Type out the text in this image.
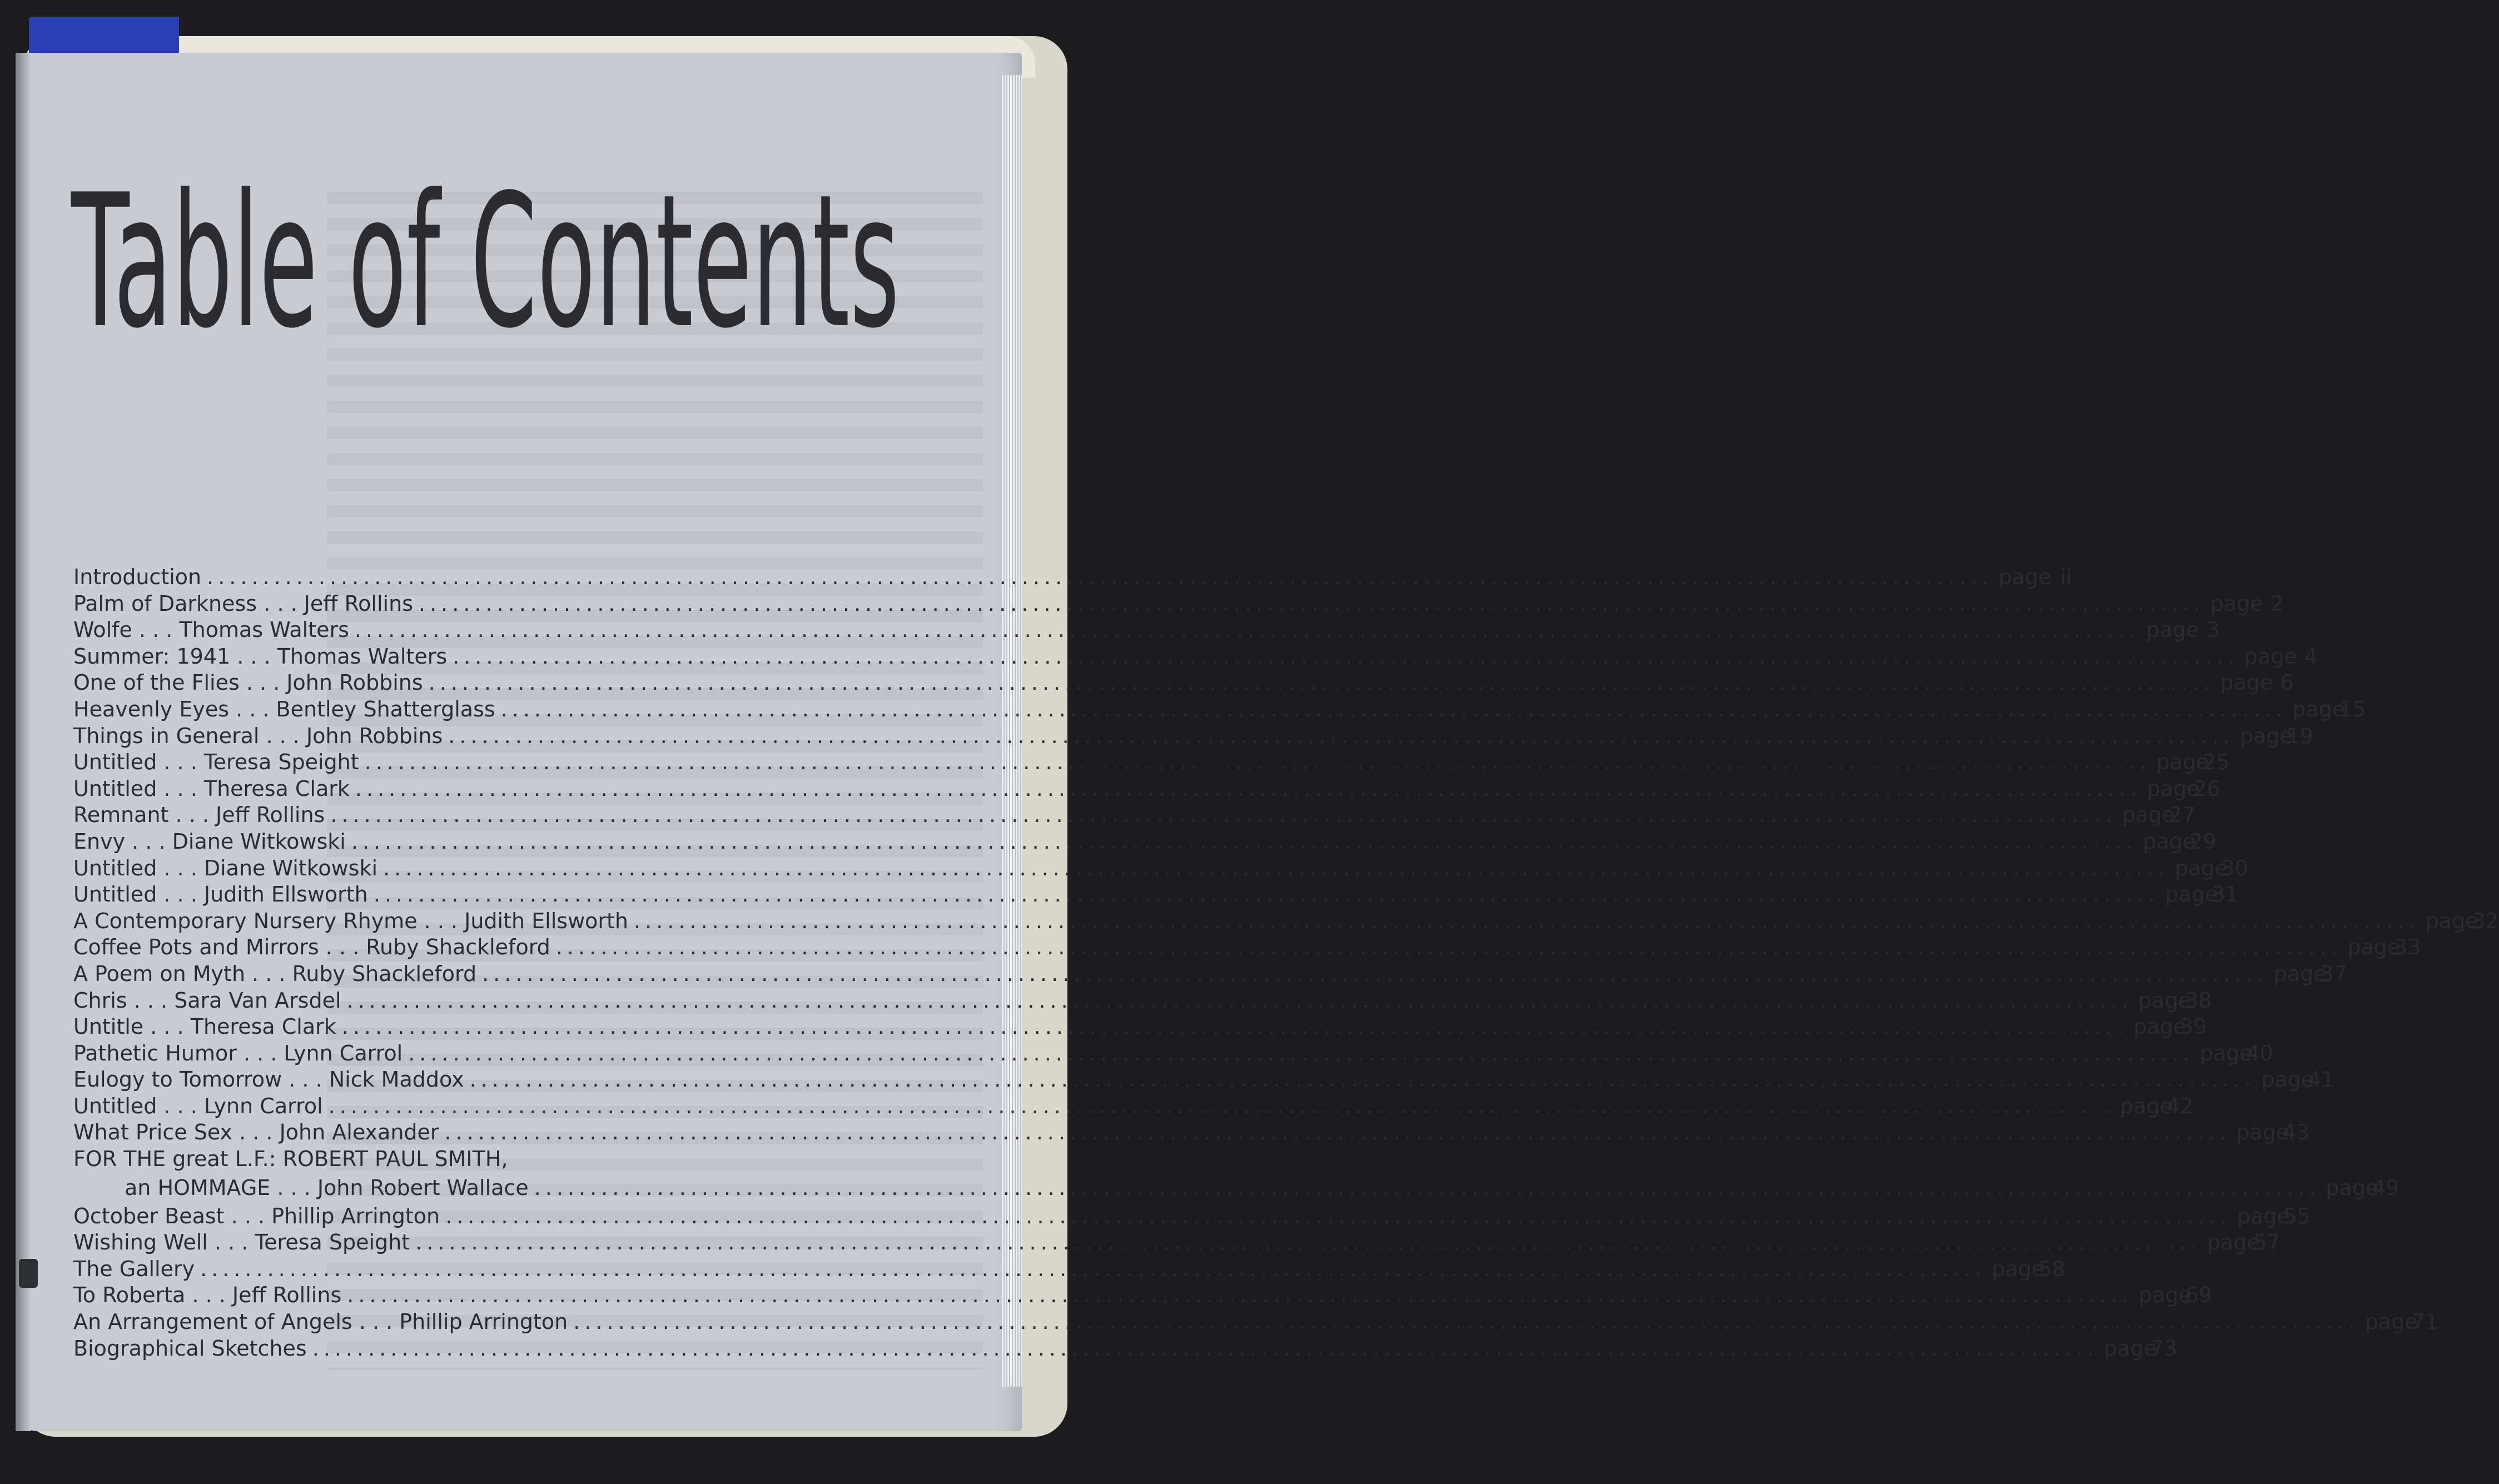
Table of Contents
Introduction ................................................................................................................................................................ page ii
Palm of Darkness . . . Jeff Rollins ................................................................................................................................................................ page 2
Wolfe . . . Thomas Walters ................................................................................................................................................................ page 3
Summer: 1941 . . . Thomas Walters ................................................................................................................................................................ page 4
One of the Flies . . . John Robbins ................................................................................................................................................................ page 6
Heavenly Eyes . . . Bentley Shatterglass ................................................................................................................................................................ page
15
Things in General . . . John Robbins ................................................................................................................................................................ page
19
Untitled . . . Teresa Speight ................................................................................................................................................................ page
25
Untitled . . . Theresa Clark ................................................................................................................................................................ page
26
Remnant . . . Jeff Rollins ................................................................................................................................................................ page
27
Envy . . . Diane Witkowski ................................................................................................................................................................ page
29
Untitled . . . Diane Witkowski ................................................................................................................................................................ page
30
Untitled . . . Judith Ellsworth ................................................................................................................................................................ page
31
A Contemporary Nursery Rhyme . . . Judith Ellsworth ................................................................................................................................................................ page
32
Coffee Pots and Mirrors . . . Ruby Shackleford ................................................................................................................................................................ page
33
A Poem on Myth . . . Ruby Shackleford ................................................................................................................................................................ page
37
Chris . . . Sara Van Arsdel ................................................................................................................................................................ page
38
Untitle . . . Theresa Clark ................................................................................................................................................................ page
39
Pathetic Humor . . . Lynn Carrol ................................................................................................................................................................ page
40
Eulogy to Tomorrow . . . Nick Maddox ................................................................................................................................................................ page
41
Untitled . . . Lynn Carrol ................................................................................................................................................................ page
42
What Price Sex . . . John Alexander ................................................................................................................................................................ page
43
FOR THE great L.F.: ROBERT PAUL SMITH,
an HOMMAGE . . . John Robert Wallace ................................................................................................................................................................ page
49
October Beast . . . Phillip Arrington ................................................................................................................................................................ page
55
Wishing Well . . . Teresa Speight ................................................................................................................................................................ page
57
The Gallery ................................................................................................................................................................ page
58
To Roberta . . . Jeff Rollins ................................................................................................................................................................ page
69
An Arrangement of Angels . . . Phillip Arrington ................................................................................................................................................................ page
71
Biographical Sketches ................................................................................................................................................................ page
73
